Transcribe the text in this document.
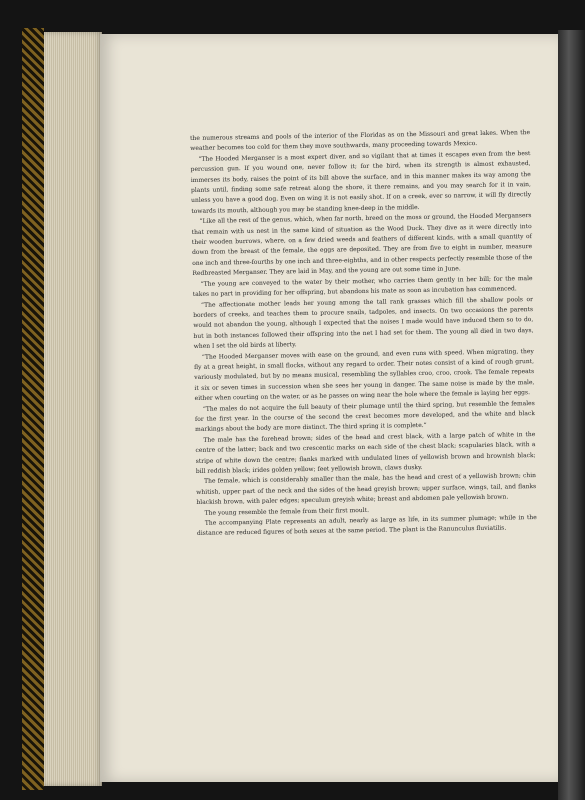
the numerous streams and pools of the interior of the Floridas as on the Missouri and great lakes. When the weather becomes too cold for them they move southwards, many proceeding towards Mexico.

“The Hooded Merganser is a most expert diver, and so vigilant that at times it escapes even from the best percussion gun. If you wound one, never follow it; for the bird, when its strength is almost exhausted, immerses its body, raises the point of its bill above the surface, and in this manner makes its way among the plants until, finding some safe retreat along the shore, it there remains, and you may search for it in vain, unless you have a good dog. Even on wing it is not easily shot. If on a creek, ever so narrow, it will fly directly towards its mouth, although you may be standing knee-deep in the middle.

“Like all the rest of the genus, which, when far north, breed on the moss or ground, the Hooded Mergansers that remain with us nest in the same kind of situation as the Wood Duck. They dive as it were directly into their wooden burrows, where, on a few dried weeds and feathers of different kinds, with a small quantity of down from the breast of the female, the eggs are deposited. They are from five to eight in number, measure one inch and three-fourths by one inch and three-eighths, and in other respects perfectly resemble those of the Redbreasted Merganser. They are laid in May, and the young are out some time in June.

“The young are conveyed to the water by their mother, who carries them gently in her bill; for the male takes no part in providing for her offspring, but abandons his mate as soon as incubation has commenced.

“The affectionate mother leads her young among the tall rank grasses which fill the shallow pools or borders of creeks, and teaches them to procure snails, tadpoles, and insects. On two occasions the parents would not abandon the young, although I expected that the noises I made would have induced them so to do, but in both instances followed their offspring into the net I had set for them. The young all died in two days, when I set the old birds at liberty.

“The Hooded Merganser moves with ease on the ground, and even runs with speed. When migrating, they fly at a great height, in small flocks, without any regard to order. Their notes consist of a kind of rough grunt, variously modulated, but by no means musical, resembling the syllables croo, croo, crook. The female repeats it six or seven times in succession when she sees her young in danger. The same noise is made by the male, either when courting on the water, or as he passes on wing near the hole where the female is laying her eggs.

“The males do not acquire the full beauty of their plumage until the third spring, but resemble the females for the first year. In the course of the second the crest becomes more developed, and the white and black markings about the body are more distinct. The third spring it is complete.”

The male has the forehead brown; sides of the head and crest black, with a large patch of white in the centre of the latter; back and two crescentic marks on each side of the chest black; scapularies black, with a stripe of white down the centre; flanks marked with undulated lines of yellowish brown and brownish black; bill reddish black; irides golden yellow; feet yellowish brown, claws dusky.

The female, which is considerably smaller than the male, has the head and crest of a yellowish brown; chin whitish, upper part of the neck and the sides of the head greyish brown; upper surface, wings, tail, and flanks blackish brown, with paler edges; speculum greyish white; breast and abdomen pale yellowish brown.

The young resemble the female from their first moult.

The accompanying Plate represents an adult, nearly as large as life, in its summer plumage; while in the distance are reduced figures of both sexes at the same period. The plant is the Ranunculus fluviatilis.
